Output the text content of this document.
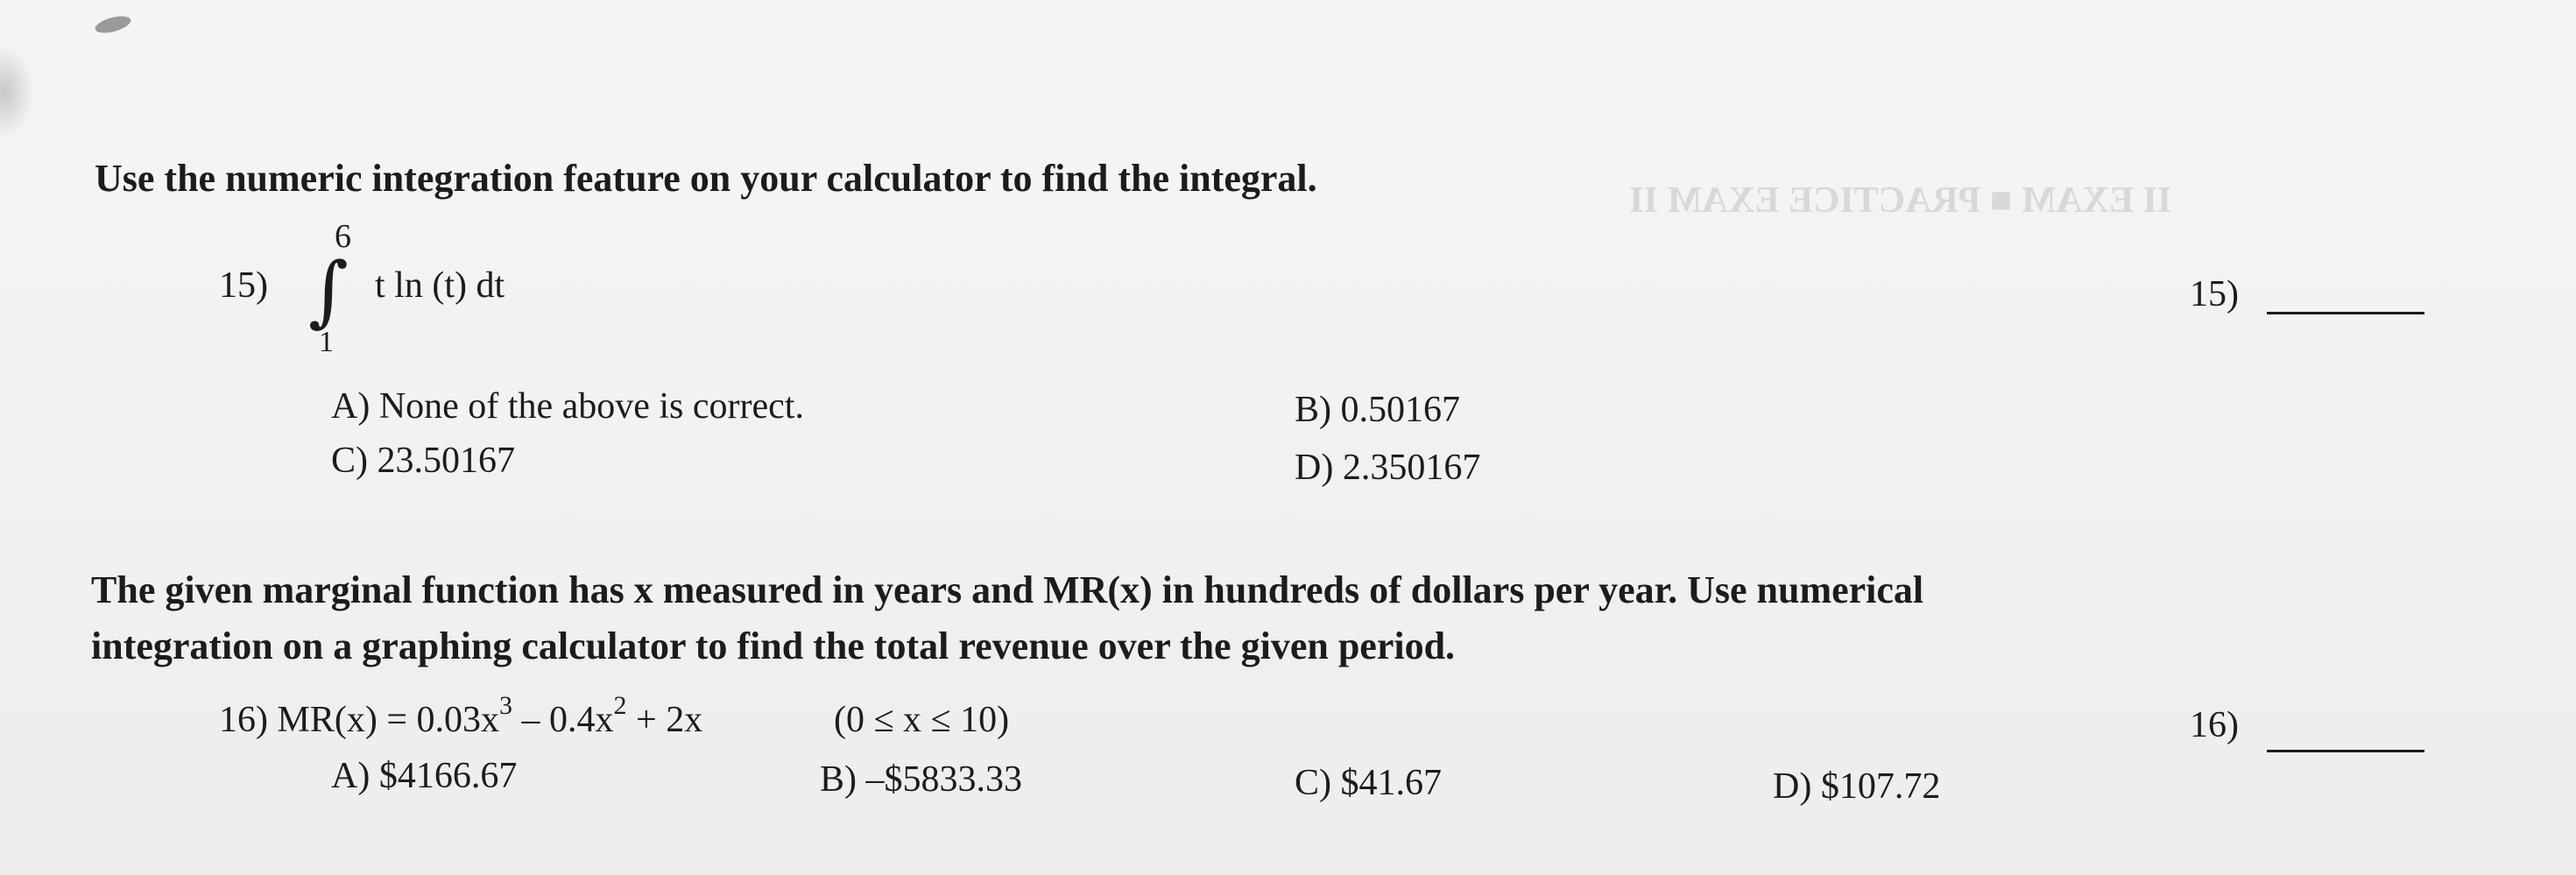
II EXAM ■ PRACTICE EXAM II
Use the numeric integration feature on your calculator to find the integral.
15)
6
∫
1
t ln (t) dt	15)
A) None of the above is correct.	B) 0.50167
C) 23.50167	D) 2.350167
The given marginal function has x measured in years and MR(x) in hundreds of dollars per year. Use numerical
integration on a graphing calculator to find the total revenue over the given period.
16) $MR(x) = 0.03x^3 - 0.4x^2 + 2x$	(0 ≤ x ≤ 10)	16)
A) $4166.67	B) –$5833.33	C) $41.67	D) $107.72
